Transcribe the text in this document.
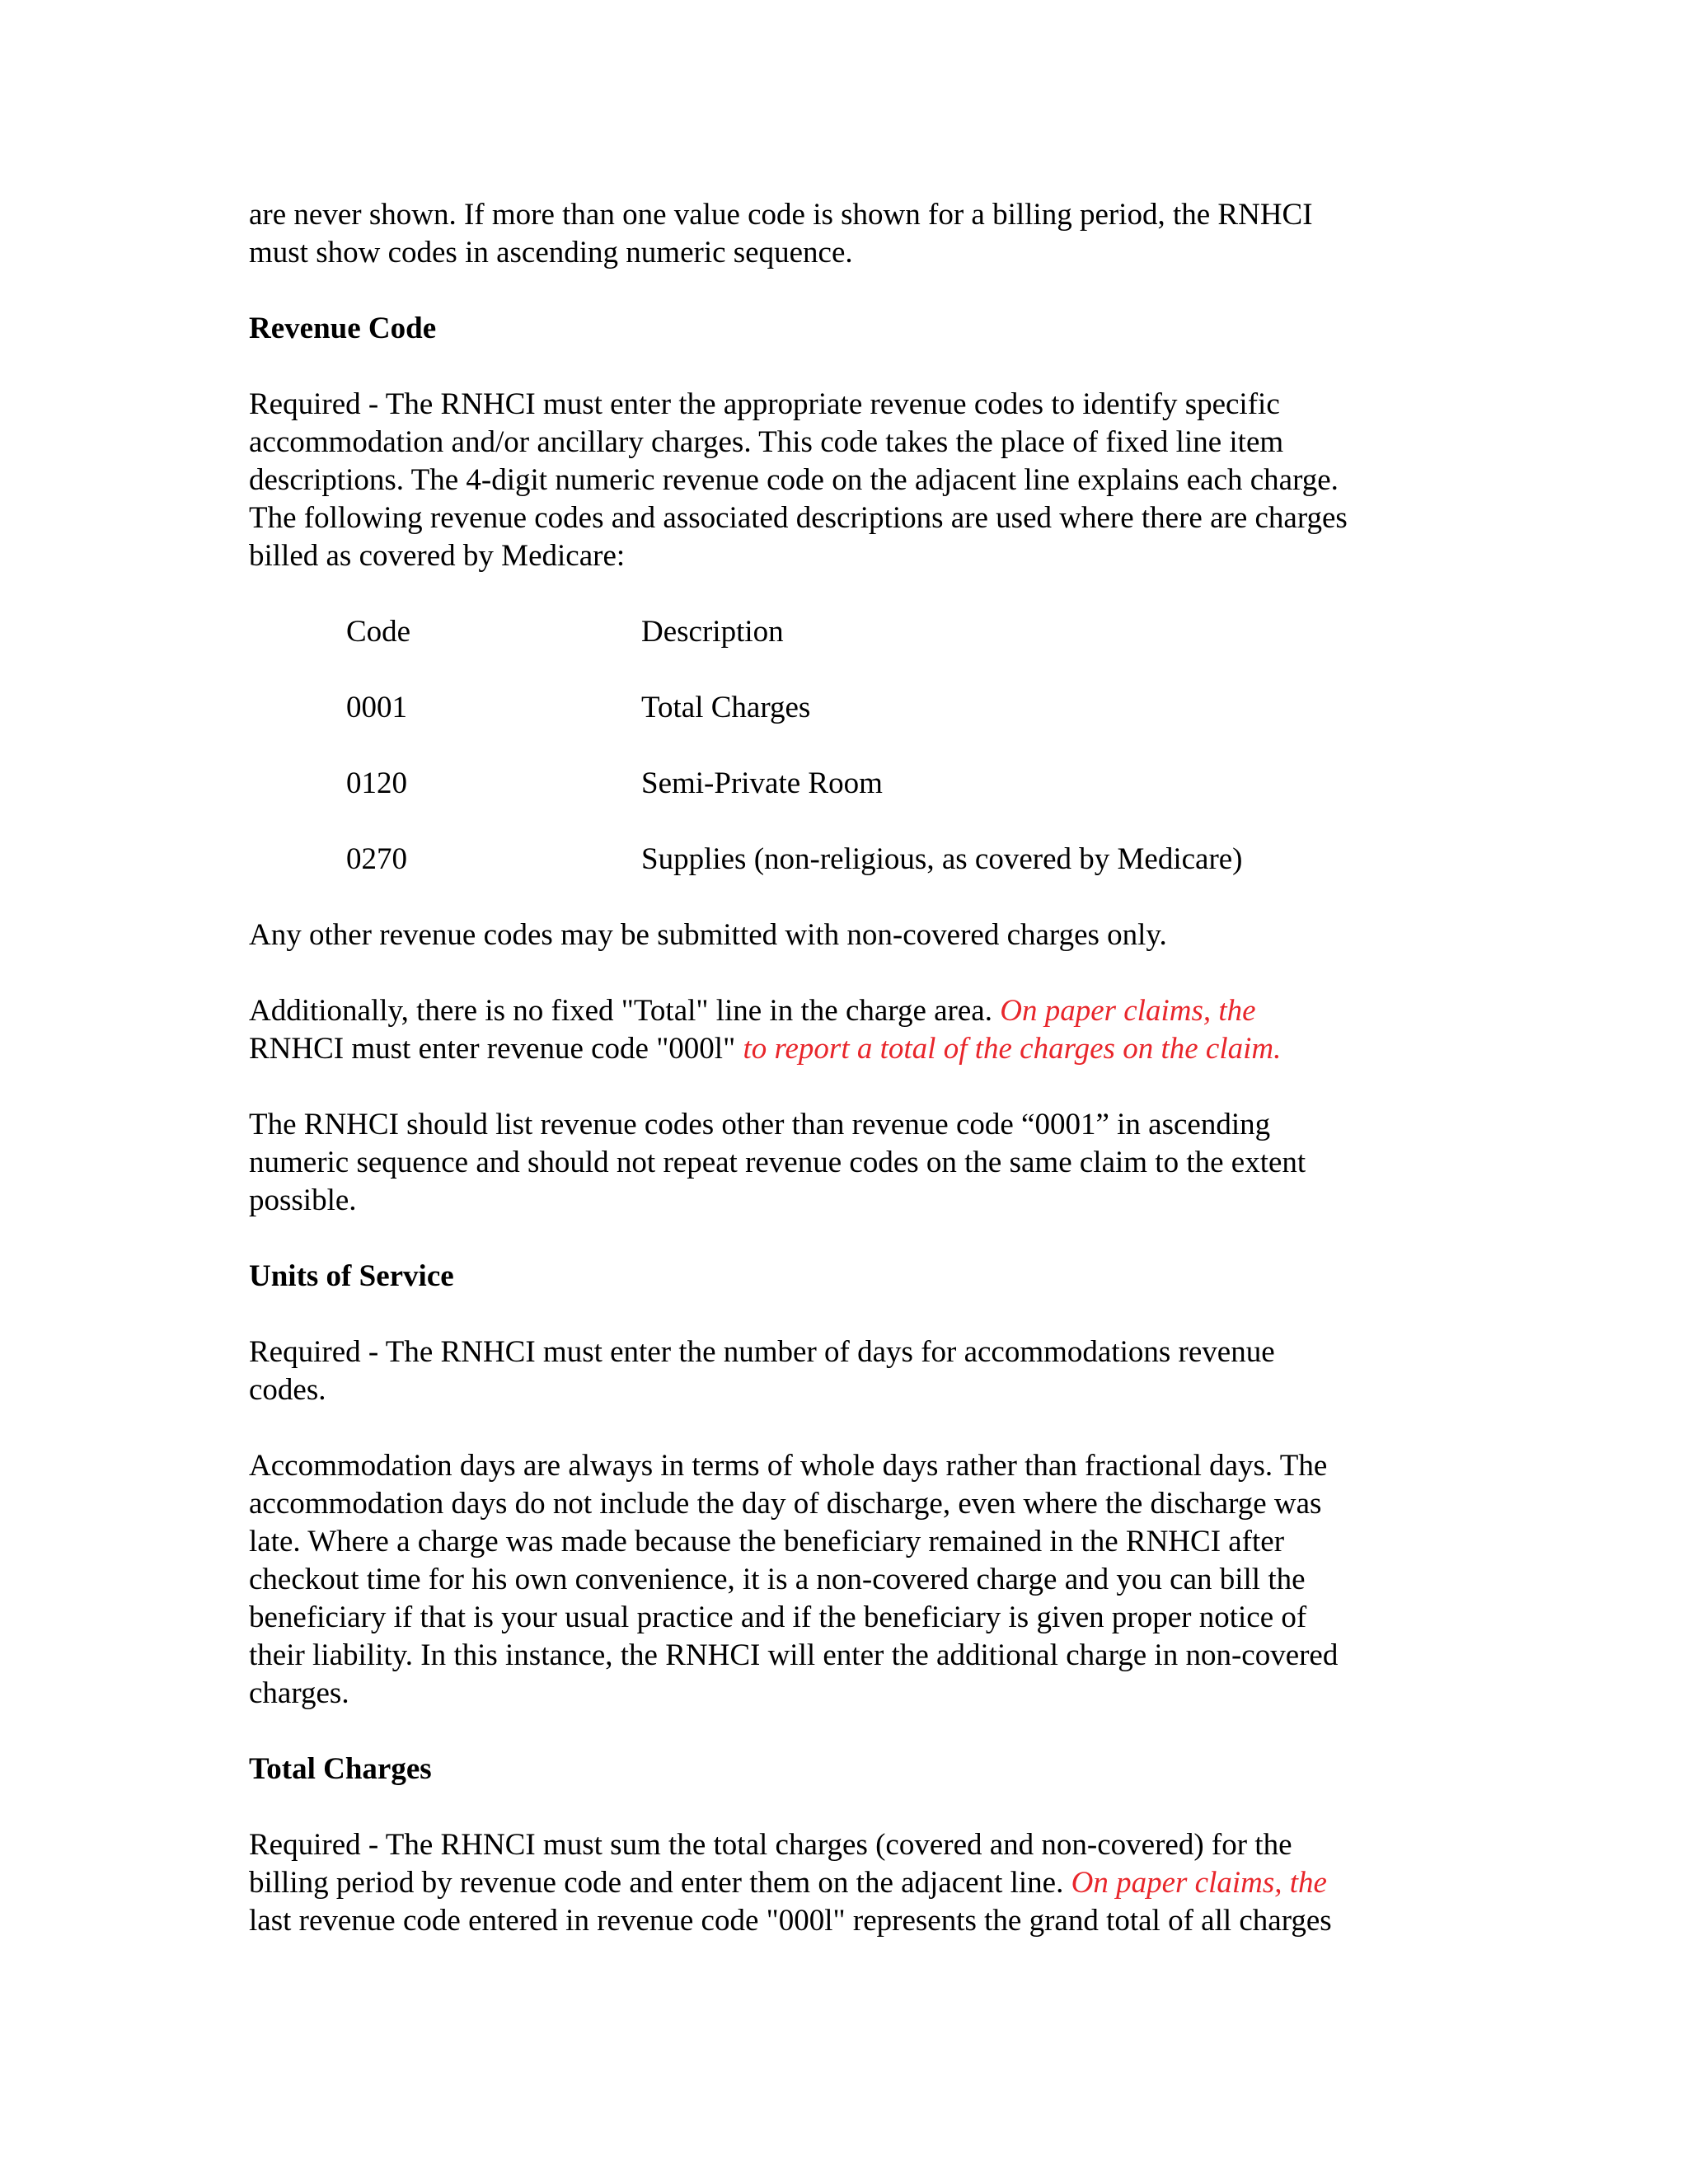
are never shown. If more than one value code is shown for a billing period, the RNHCI
must show codes in ascending numeric sequence.

Revenue Code

Required - The RNHCI must enter the appropriate revenue codes to identify specific
accommodation and/or ancillary charges. This code takes the place of fixed line item
descriptions. The 4-digit numeric revenue code on the adjacent line explains each charge.
The following revenue codes and associated descriptions are used where there are charges
billed as covered by Medicare:

Code	Description
0001	Total Charges
0120	Semi-Private Room
0270	Supplies (non-religious, as covered by Medicare)

Any other revenue codes may be submitted with non-covered charges only.

Additionally, there is no fixed "Total" line in the charge area. On paper claims, the
RNHCI must enter revenue code "000l" to report a total of the charges on the claim.

The RNHCI should list revenue codes other than revenue code “0001” in ascending
numeric sequence and should not repeat revenue codes on the same claim to the extent
possible.

Units of Service

Required - The RNHCI must enter the number of days for accommodations revenue
codes.

Accommodation days are always in terms of whole days rather than fractional days. The
accommodation days do not include the day of discharge, even where the discharge was
late. Where a charge was made because the beneficiary remained in the RNHCI after
checkout time for his own convenience, it is a non-covered charge and you can bill the
beneficiary if that is your usual practice and if the beneficiary is given proper notice of
their liability. In this instance, the RNHCI will enter the additional charge in non-covered
charges.

Total Charges

Required - The RHNCI must sum the total charges (covered and non-covered) for the
billing period by revenue code and enter them on the adjacent line. On paper claims, the
last revenue code entered in revenue code "000l" represents the grand total of all charges
